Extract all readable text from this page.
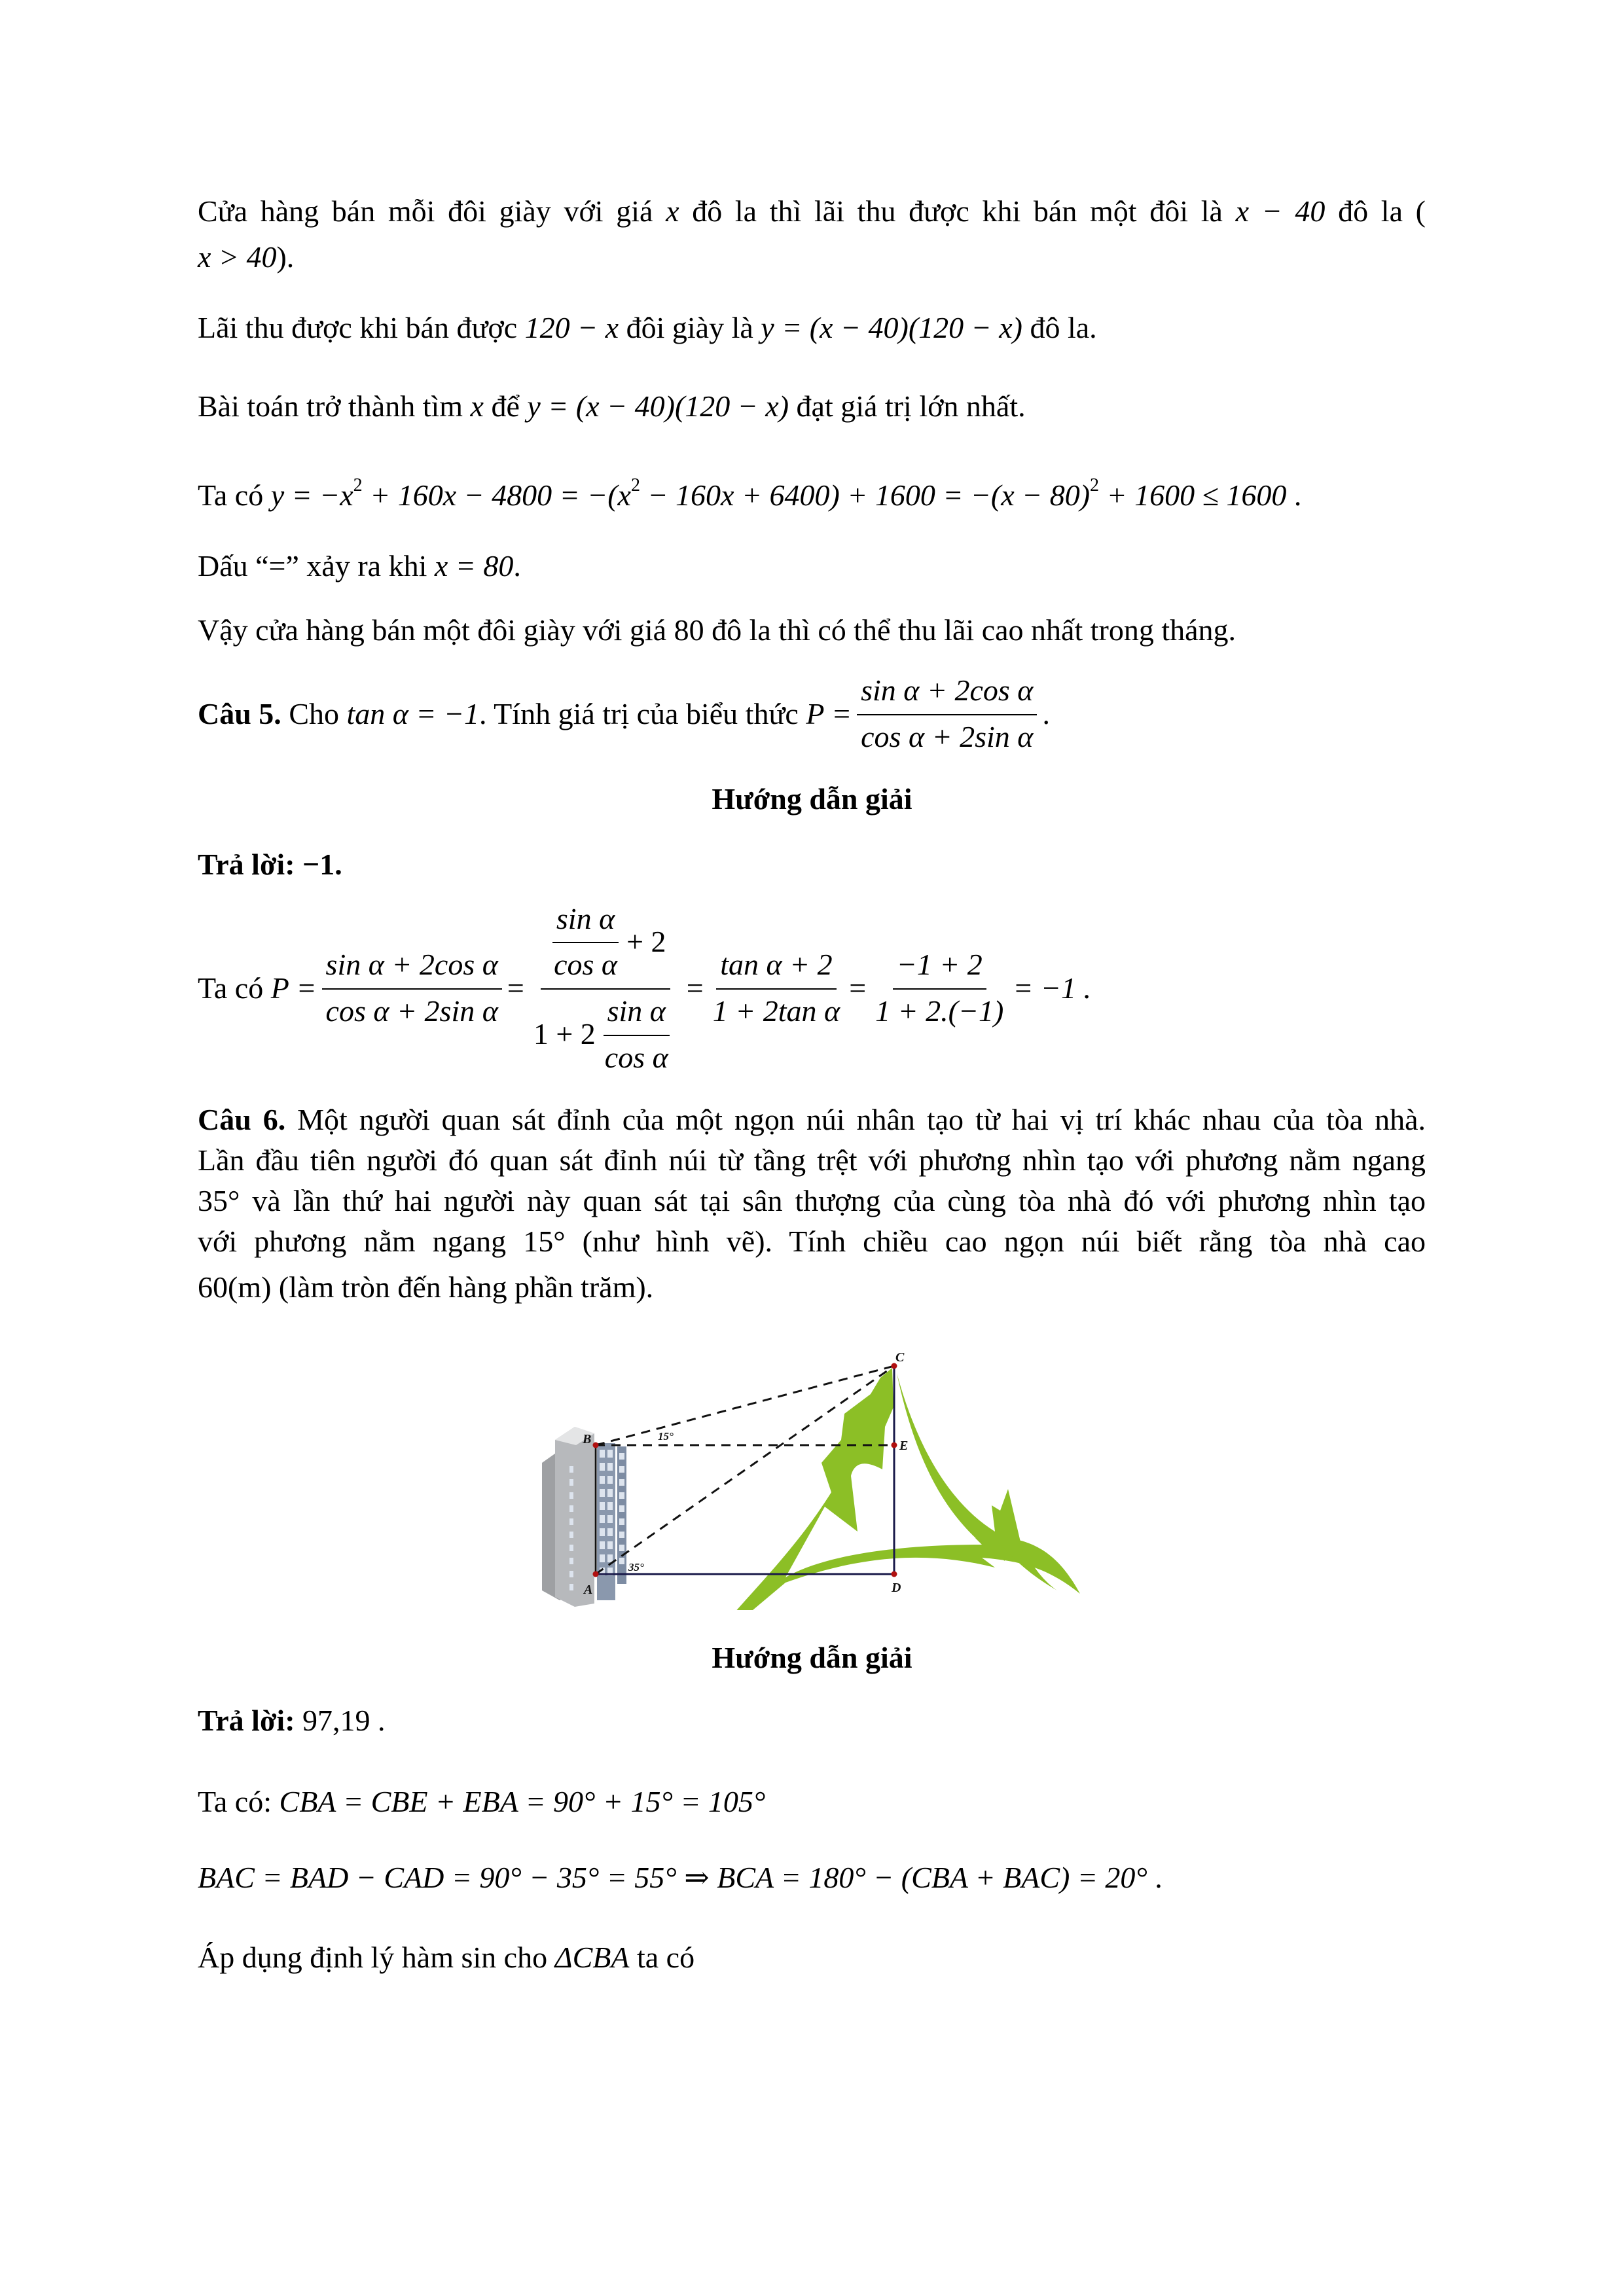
Cửa hàng bán mỗi đôi giày với giá x đô la thì lãi thu được khi bán một đôi là x − 40 đô la (
x > 40).
Lãi thu được khi bán được 120 − x đôi giày là y = (x − 40)(120 − x) đô la.
Bài toán trở thành tìm x để y = (x − 40)(120 − x) đạt giá trị lớn nhất.
Ta có $y = -x^2 + 160x - 4800 = -(x^2 - 160x + 6400) + 1600 = -(x - 80)^2 + 1600 \le 1600$ .
Dấu “=” xảy ra khi x = 80.
Vậy cửa hàng bán một đôi giày với giá 80 đô la thì có thể thu lãi cao nhất trong tháng.
Câu 5. Cho tan α = −1 . Tính giá trị của biểu thức $P = \frac{\text{sin α + 2cos α}}{\text{cos α + 2sin α}}$ .
Hướng dẫn giải
Trả lời: −1.
Ta có $P = \frac{\text{sin α + 2cos α}}{\text{cos α + 2sin α}} = \frac{\frac{\text{sin α}}{\text{cos α}} + 2}{1 + 2 \frac{\text{sin α}}{\text{cos α}}} = \frac{\text{tan α + 2}}{\text{1 + 2tan α}} = \frac{-1 + 2}{1 + 2.(-1)} = -1$ .
Câu 6. Một người quan sát đỉnh của một ngọn núi nhân tạo từ hai vị trí khác nhau của tòa nhà.
Lần đầu tiên người đó quan sát đỉnh núi từ tầng trệt với phương nhìn tạo với phương nằm ngang
35° và lần thứ hai người này quan sát tại sân thượng của cùng tòa nhà đó với phương nhìn tạo
với phương nằm ngang 15° (như hình vẽ). Tính chiều cao ngọn núi biết rằng tòa nhà cao
60(m) (làm tròn đến hàng phần trăm).
B
A
C
E
D
15°
35°
Hướng dẫn giải
Trả lời: 97,19 .
Ta có: CBA = CBE + EBA = 90° + 15° = 105°
BAC = BAD − CAD = 90° − 35° = 55° ⇒ BCA = 180° − (CBA + BAC) = 20° .
Áp dụng định lý hàm sin cho ΔCBA ta có
